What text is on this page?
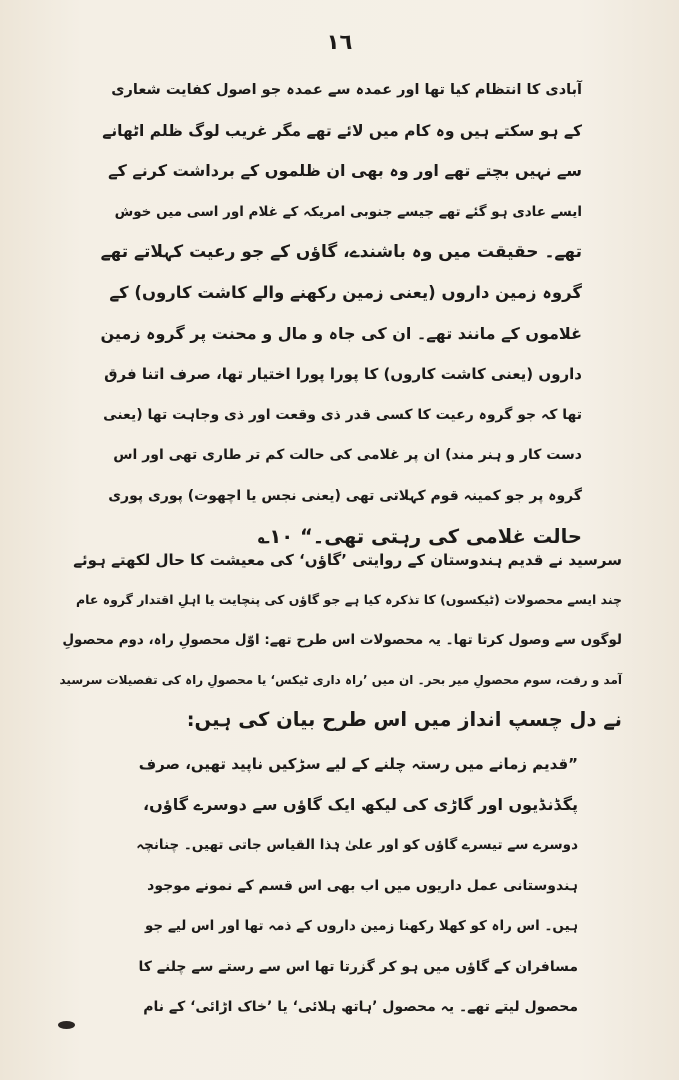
١٦

آبادی کا انتظام کیا تھا اور عمدہ سے عمدہ جو اصول کفایت شعاری

کے ہو سکتے ہیں وہ کام میں لائے تھے مگر غریب لوگ ظلم اٹھانے

سے نہیں بچتے تھے اور وہ بھی ان ظلموں کے برداشت کرنے کے

ایسے عادی ہو گئے تھے جیسے جنوبی امریکہ کے غلام اور اسی میں خوش

تھے۔ حقیقت میں وہ باشندے، گاؤں کے جو رعیت کہلاتے تھے

گروہ زمین داروں (یعنی زمین رکھنے والے کاشت کاروں) کے

غلاموں کے مانند تھے۔ ان کی جاہ و مال و محنت پر گروہ زمین

داروں (یعنی کاشت کاروں) کا پورا پورا اختیار تھا، صرف اتنا فرق

تھا کہ جو گروہ رعیت کا کسی قدر ذی وقعت اور ذی وجاہت تھا (یعنی

دست کار و ہنر مند) ان پر غلامی کی حالت کم تر طاری تھی اور اس

گروہ پر جو کمینہ قوم کہلاتی تھی (یعنی نجس یا اچھوت) پوری پوری

حالت غلامی کی رہتی تھی۔“ ۱۰؎

سرسید نے قدیم ہندوستان کے روایتی ’گاؤں‘ کی معیشت کا حال لکھتے ہوئے

چند ایسے محصولات (ٹیکسوں) کا تذکرہ کیا ہے جو گاؤں کی پنچایت یا اہلِ اقتدار گروہ عام

لوگوں سے وصول کرتا تھا۔ یہ محصولات اس طرح تھے: اوّل محصولِ راہ، دوم محصولِ

آمد و رفت، سوم محصولِ میر بحر۔ ان میں ’راہ داری ٹیکس‘ یا محصولِ راہ کی تفصیلات سرسید

نے دل چسپ انداز میں اس طرح بیان کی ہیں:

”قدیم زمانے میں رستہ چلنے کے لیے سڑکیں ناپید تھیں، صرف

پگڈنڈیوں اور گاڑی کی لیکھ ایک گاؤں سے دوسرے گاؤں،

دوسرے سے تیسرے گاؤں کو اور علیٰ ہٰذا القیاس جاتی تھیں۔ چنانچہ

ہندوستانی عمل داریوں میں اب بھی اس قسم کے نمونے موجود

ہیں۔ اس راہ کو کھلا رکھنا زمین داروں کے ذمہ تھا اور اس لیے جو

مسافران کے گاؤں میں ہو کر گزرتا تھا اس سے رستے سے چلنے کا

محصول لیتے تھے۔ یہ محصول ’ہاتھ ہلائی‘ یا ’خاک اڑائی‘ کے نام
